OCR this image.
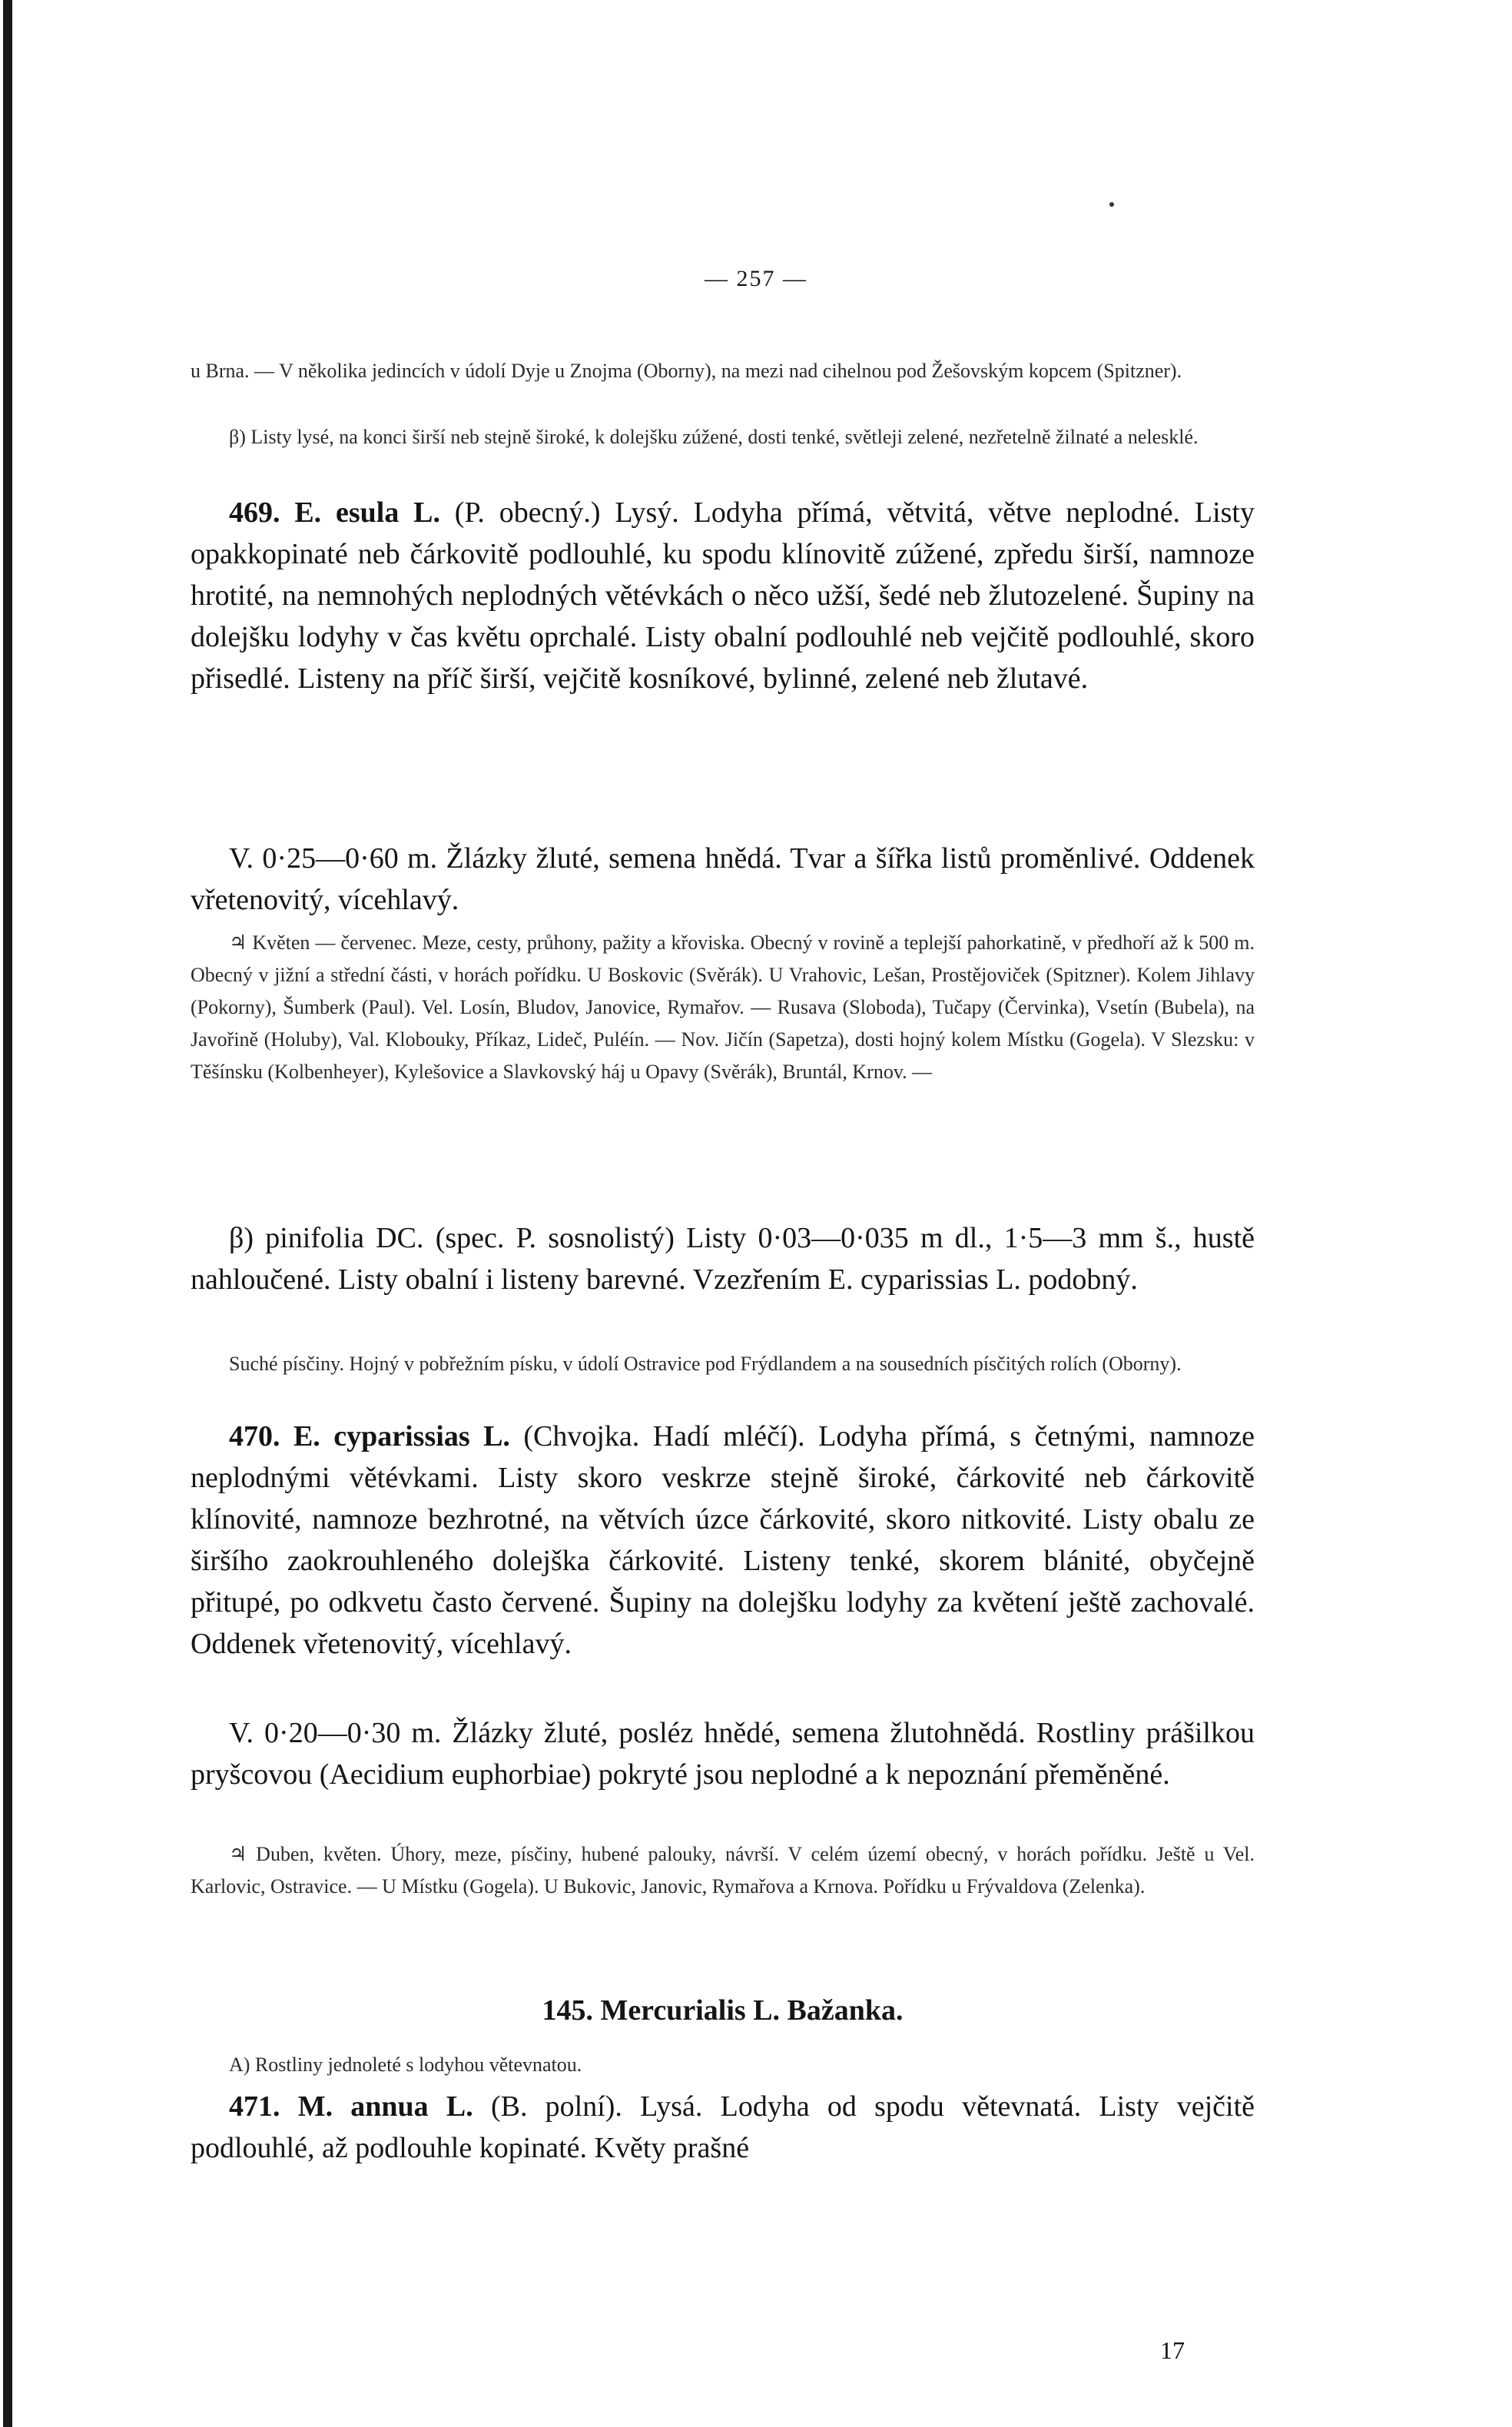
— 257 —
u Brna. — V několika jedincích v údolí Dyje u Znojma (Oborny), na mezi nad cihelnou pod Žešovským kopcem (Spitzner).
β) Listy lysé, na konci širší neb stejně široké, k dolejšku zúžené, dosti tenké, světleji zelené, nezřetelně žilnaté a nelesklé.
469. E. esula L. (P. obecný.) Lysý. Lodyha přímá, větvitá, větve neplodné. Listy opakkopinaté neb čárkovitě podlouhlé, ku spodu klínovitě zúžené, zpředu širší, namnoze hrotité, na nemnohých neplodných větévkách o něco užší, šedé neb žlutozelené. Šupiny na dolejšku lodyhy v čas květu oprchalé. Listy obalní podlouhlé neb vejčitě podlouhlé, skoro přisedlé. Listeny na příč širší, vejčitě kosníkové, bylinné, zelené neb žlutavé.
V. 0·25—0·60 m. Žlázky žluté, semena hnědá. Tvar a šířka listů proměnlivé. Oddenek vřetenovitý, vícehlavý.
♃ Květen — červenec. Meze, cesty, průhony, pažity a křoviska. Obecný v rovině a teplejší pahorkatině, v předhoří až k 500 m. Obecný v jižní a střední části, v horách pořídku. U Boskovic (Svěrák). U Vrahovic, Lešan, Prostějoviček (Spitzner). Kolem Jihlavy (Pokorny), Šumberk (Paul). Vel. Losín, Bludov, Janovice, Rymařov. — Rusava (Sloboda), Tučapy (Červinka), Vsetín (Bubela), na Javořině (Holuby), Val. Klobouky, Příkaz, Lideč, Puléín. — Nov. Jičín (Sapetza), dosti hojný kolem Místku (Gogela). V Slezsku: v Těšínsku (Kolbenheyer), Kylešovice a Slavkovský háj u Opavy (Svěrák), Bruntál, Krnov. —
β) pinifolia DC. (spec. P. sosnolistý) Listy 0·03—0·035 m dl., 1·5—3 mm š., hustě nahloučené. Listy obalní i listeny barevné. Vzezřením E. cyparissias L. podobný.
Suché písčiny. Hojný v pobřežním písku, v údolí Ostravice pod Frýdlandem a na sousedních písčitých rolích (Oborny).
470. E. cyparissias L. (Chvojka. Hadí mléčí). Lodyha přímá, s četnými, namnoze neplodnými větévkami. Listy skoro veskrze stejně široké, čárkovité neb čárkovitě klínovité, namnoze bezhrotné, na větvích úzce čárkovité, skoro nitkovité. Listy obalu ze širšího zaokrouhleného dolejška čárkovité. Listeny tenké, skorem blánité, obyčejně přitupé, po odkvetu často červené. Šupiny na dolejšku lodyhy za květení ještě zachovalé. Oddenek vřetenovitý, vícehlavý.
V. 0·20—0·30 m. Žlázky žluté, posléz hnědé, semena žlutohnědá. Rostliny prášilkou pryšcovou (Aecidium euphorbiae) pokryté jsou neplodné a k nepoznání přeměněné.
♃ Duben, květen. Úhory, meze, písčiny, hubené palouky, návrší. V celém území obecný, v horách pořídku. Ještě u Vel. Karlovic, Ostravice. — U Místku (Gogela). U Bukovic, Janovic, Rymařova a Krnova. Pořídku u Frývaldova (Zelenka).
145. Mercurialis L. Bažanka.
A) Rostliny jednoleté s lodyhou větevnatou.
471. M. annua L. (B. polní). Lysá. Lodyha od spodu větevnatá. Listy vejčitě podlouhlé, až podlouhle kopinaté. Květy prašné
17
